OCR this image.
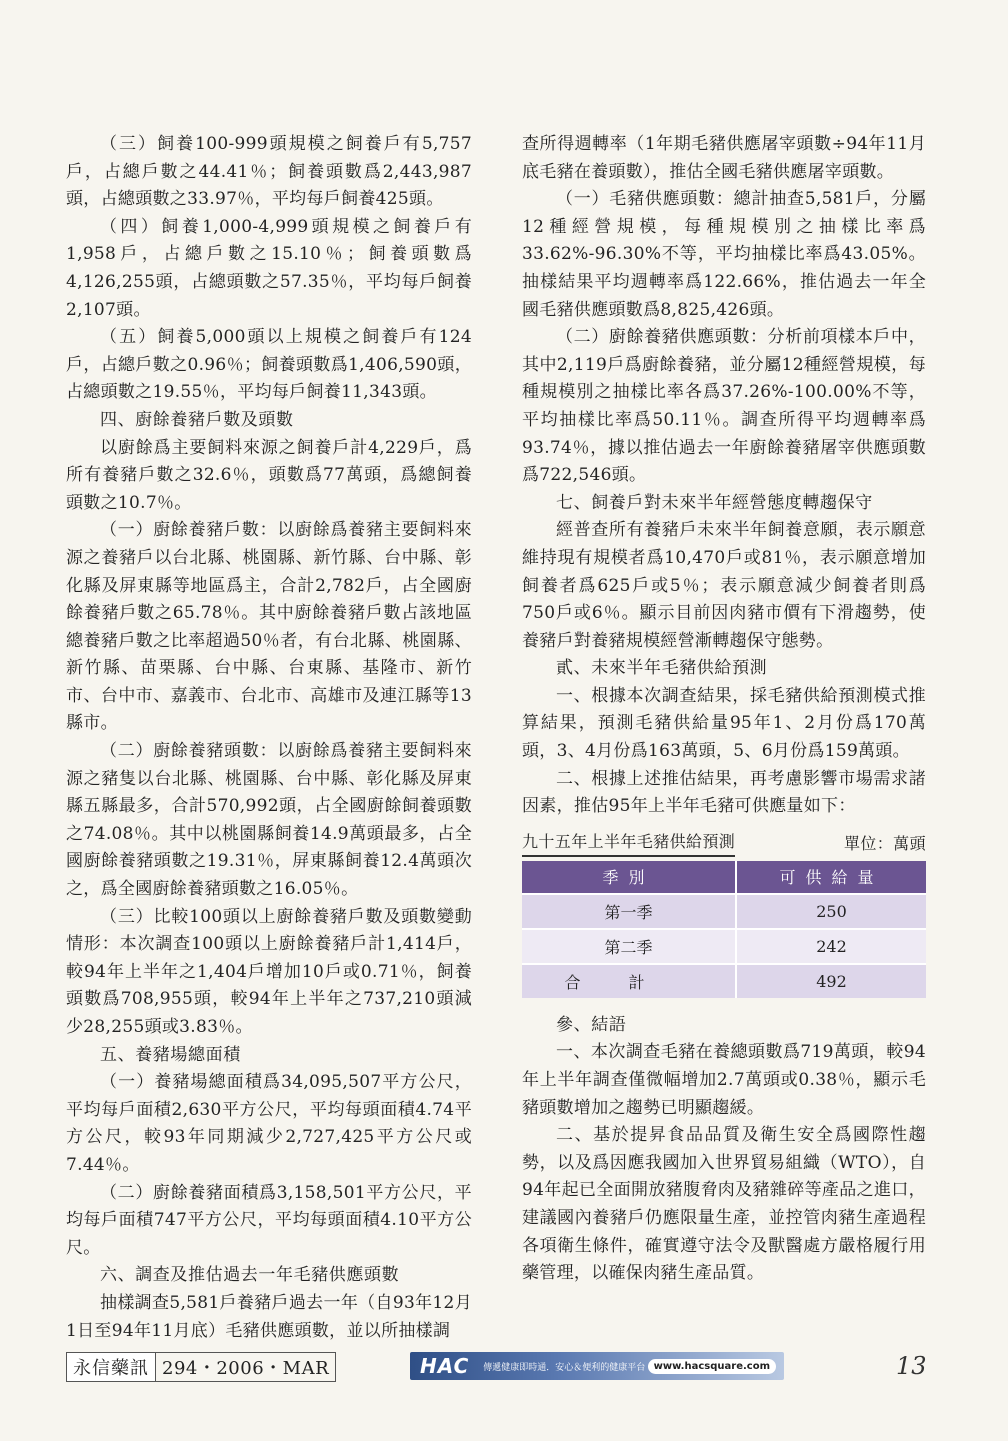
（三）飼養100-999頭規模之飼養戶有5,757戶，占總戶數之44.41％；飼養頭數爲2,443,987頭，占總頭數之33.97％，平均每戶飼養425頭。

（四）飼養1,000-4,999頭規模之飼養戶有1,958戶，占總戶數之15.10％；飼養頭數爲4,126,255頭，占總頭數之57.35％，平均每戶飼養2,107頭。

（五）飼養5,000頭以上規模之飼養戶有124戶，占總戶數之0.96％；飼養頭數爲1,406,590頭，占總頭數之19.55％，平均每戶飼養11,343頭。

四、廚餘養豬戶數及頭數

以廚餘爲主要飼料來源之飼養戶計4,229戶，爲所有養豬戶數之32.6％，頭數爲77萬頭，爲總飼養頭數之10.7％。

（一）廚餘養豬戶數：以廚餘爲養豬主要飼料來源之養豬戶以台北縣、桃園縣、新竹縣、台中縣、彰化縣及屏東縣等地區爲主，合計2,782戶，占全國廚餘養豬戶數之65.78％。其中廚餘養豬戶數占該地區總養豬戶數之比率超過50％者，有台北縣、桃園縣、新竹縣、苗栗縣、台中縣、台東縣、基隆市、新竹市、台中市、嘉義市、台北市、高雄市及連江縣等13縣市。

（二）廚餘養豬頭數：以廚餘爲養豬主要飼料來源之豬隻以台北縣、桃園縣、台中縣、彰化縣及屏東縣五縣最多，合計570,992頭，占全國廚餘飼養頭數之74.08％。其中以桃園縣飼養14.9萬頭最多，占全國廚餘養豬頭數之19.31％，屏東縣飼養12.4萬頭次之，爲全國廚餘養豬頭數之16.05％。

（三）比較100頭以上廚餘養豬戶數及頭數變動情形：本次調查100頭以上廚餘養豬戶計1,414戶，較94年上半年之1,404戶增加10戶或0.71％，飼養頭數爲708,955頭，較94年上半年之737,210頭減少28,255頭或3.83％。

五、養豬場總面積

（一）養豬場總面積爲34,095,507平方公尺，平均每戶面積2,630平方公尺，平均每頭面積4.74平方公尺，較93年同期減少2,727,425平方公尺或7.44％。

（二）廚餘養豬面積爲3,158,501平方公尺，平均每戶面積747平方公尺，平均每頭面積4.10平方公尺。

六、調查及推估過去一年毛豬供應頭數

抽樣調查5,581戶養豬戶過去一年（自93年12月1日至94年11月底）毛豬供應頭數，並以所抽樣調

查所得週轉率（1年期毛豬供應屠宰頭數÷94年11月底毛豬在養頭數），推估全國毛豬供應屠宰頭數。

（一）毛豬供應頭數：總計抽查5,581戶，分屬12種經營規模，每種規模別之抽樣比率爲33.62%-96.30%不等，平均抽樣比率爲43.05%。抽樣結果平均週轉率爲122.66%，推估過去一年全國毛豬供應頭數爲8,825,426頭。

（二）廚餘養豬供應頭數：分析前項樣本戶中，其中2,119戶爲廚餘養豬，並分屬12種經營規模，每種規模別之抽樣比率各爲37.26%-100.00%不等，平均抽樣比率爲50.11％。調查所得平均週轉率爲93.74％，據以推估過去一年廚餘養豬屠宰供應頭數爲722,546頭。

七、飼養戶對未來半年經營態度轉趨保守

經普查所有養豬戶未來半年飼養意願，表示願意維持現有規模者爲10,470戶或81％，表示願意增加飼養者爲625戶或5％；表示願意減少飼養者則爲750戶或6％。顯示目前因肉豬市價有下滑趨勢，使養豬戶對養豬規模經營漸轉趨保守態勢。

貳、未來半年毛豬供給預測

一、根據本次調查結果，採毛豬供給預測模式推算結果，預測毛豬供給量95年1、2月份爲170萬頭，3、4月份爲163萬頭，5、6月份爲159萬頭。

二、根據上述推估結果，再考慮影響市場需求諸因素，推估95年上半年毛豬可供應量如下：

九十五年上半年毛豬供給預測	單位：萬頭
季別	可供給量
第一季	250
第二季	242
合計	492
參、結語

一、本次調查毛豬在養總頭數爲719萬頭，較94年上半年調查僅微幅增加2.7萬頭或0.38％，顯示毛豬頭數增加之趨勢已明顯趨緩。

二、基於提昇食品品質及衛生安全爲國際性趨勢，以及爲因應我國加入世界貿易組織（WTO），自94年起已全面開放豬腹脅肉及豬雜碎等產品之進口，建議國內養豬戶仍應限量生產，並控管肉豬生產過程各項衛生條件，確實遵守法令及獸醫處方嚴格履行用藥管理，以確保肉豬生產品質。

永信藥訊 294・2006・MAR	HAC 傳遞健康即時通．安心＆便利的健康平台 www.hacsquare.com	13
